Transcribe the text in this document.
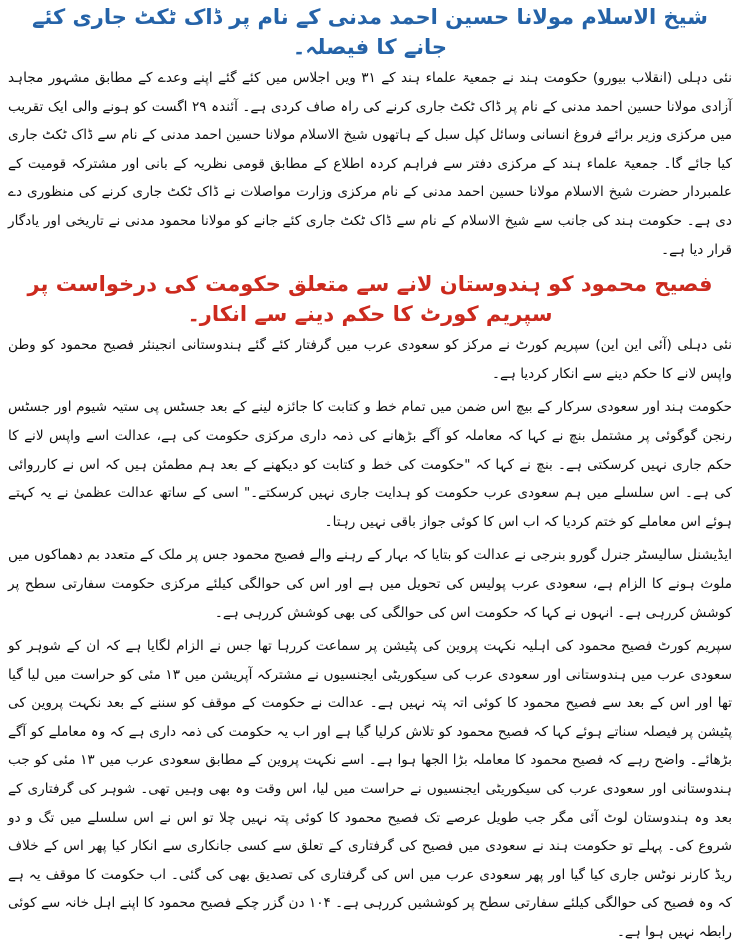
شیخ الاسلام مولانا حسین احمد مدنی کے نام پر ڈاک ٹکٹ جاری کئے جانے کا فیصلہ۔

نئی دہلی (انقلاب بیورو) حکومت ہند نے جمعیۃ علماء ہند کے ۳۱ ویں اجلاس میں کئے گئے اپنے وعدے کے مطابق مشہور مجاہد آزادی مولانا حسین احمد مدنی کے نام پر ڈاک ٹکٹ جاری کرنے کی راہ صاف کردی ہے۔ آئندہ ۲۹ اگست کو ہونے والی ایک تقریب میں مرکزی وزیر برائے فروغ انسانی وسائل کپل سبل کے ہاتھوں شیخ الاسلام مولانا حسین احمد مدنی کے نام سے ڈاک ٹکٹ جاری کیا جائے گا۔ جمعیۃ علماء ہند کے مرکزی دفتر سے فراہم کردہ اطلاع کے مطابق قومی نظریہ کے بانی اور مشترکہ قومیت کے علمبردار حضرت شیخ الاسلام مولانا حسین احمد مدنی کے نام مرکزی وزارت مواصلات نے ڈاک ٹکٹ جاری کرنے کی منظوری دے دی ہے۔ حکومت ہند کی جانب سے شیخ الاسلام کے نام سے ڈاک ٹکٹ جاری کئے جانے کو مولانا محمود مدنی نے تاریخی اور یادگار قرار دیا ہے۔

فصیح محمود کو ہندوستان لانے سے متعلق حکومت کی درخواست پر سپریم کورٹ کا حکم دینے سے انکار۔

نئی دہلی (آئی این این) سپریم کورٹ نے مرکز کو سعودی عرب میں گرفتار کئے گئے ہندوستانی انجینئر فصیح محمود کو وطن واپس لانے کا حکم دینے سے انکار کردیا ہے۔

حکومت ہند اور سعودی سرکار کے بیچ اس ضمن میں تمام خط و کتابت کا جائزہ لینے کے بعد جسٹس پی ستیہ شیوم اور جسٹس رنجن گوگوئی پر مشتمل بنچ نے کہا کہ معاملہ کو آگے بڑھانے کی ذمہ داری مرکزی حکومت کی ہے، عدالت اسے واپس لانے کا حکم جاری نہیں کرسکتی ہے۔ بنچ نے کہا کہ "حکومت کی خط و کتابت کو دیکھنے کے بعد ہم مطمئن ہیں کہ اس نے کارروائی کی ہے۔ اس سلسلے میں ہم سعودی عرب حکومت کو ہدایت جاری نہیں کرسکتے۔" اسی کے ساتھ عدالت عظمیٰ نے یہ کہتے ہوئے اس معاملے کو ختم کردیا کہ اب اس کا کوئی جواز باقی نہیں رہتا۔

ایڈیشنل سالیسٹر جنرل گورو بنرجی نے عدالت کو بتایا کہ بہار کے رہنے والے فصیح محمود جس پر ملک کے متعدد بم دھماکوں میں ملوث ہونے کا الزام ہے، سعودی عرب پولیس کی تحویل میں ہے اور اس کی حوالگی کیلئے مرکزی حکومت سفارتی سطح پر کوشش کررہی ہے۔ انہوں نے کہا کہ حکومت اس کی حوالگی کی بھی کوشش کررہی ہے۔

سپریم کورٹ فصیح محمود کی اہلیہ نکہت پروین کی پٹیشن پر سماعت کررہا تھا جس نے الزام لگایا ہے کہ ان کے شوہر کو سعودی عرب میں ہندوستانی اور سعودی عرب کی سیکوریٹی ایجنسیوں نے مشترکہ آپریشن میں ۱۳ مئی کو حراست میں لیا گیا تھا اور اس کے بعد سے فصیح محمود کا کوئی اتہ پتہ نہیں ہے۔ عدالت نے حکومت کے موقف کو سننے کے بعد نکہت پروین کی پٹیشن پر فیصلہ سناتے ہوئے کہا کہ فصیح محمود کو تلاش کرلیا گیا ہے اور اب یہ حکومت کی ذمہ داری ہے کہ وہ معاملے کو آگے بڑھائے۔ واضح رہے کہ فصیح محمود کا معاملہ بڑا الجھا ہوا ہے۔ اسے نکہت پروین کے مطابق سعودی عرب میں ۱۳ مئی کو جب ہندوستانی اور سعودی عرب کی سیکوریٹی ایجنسیوں نے حراست میں لیا، اس وقت وہ بھی وہیں تھی۔ شوہر کی گرفتاری کے بعد وہ ہندوستان لوٹ آئی مگر جب طویل عرصے تک فصیح محمود کا کوئی پتہ نہیں چلا تو اس نے اس سلسلے میں تگ و دو شروع کی۔ پہلے تو حکومت ہند نے سعودی میں فصیح کی گرفتاری کے تعلق سے کسی جانکاری سے انکار کیا پھر اس کے خلاف ریڈ کارنر نوٹس جاری کیا گیا اور پھر سعودی عرب میں اس کی گرفتاری کی تصدیق بھی کی گئی۔ اب حکومت کا موقف یہ ہے کہ وہ فصیح کی حوالگی کیلئے سفارتی سطح پر کوششیں کررہی ہے۔ ۱۰۴ دن گزر چکے فصیح محمود کا اپنے اہل خانہ سے کوئی رابطہ نہیں ہوا ہے۔
